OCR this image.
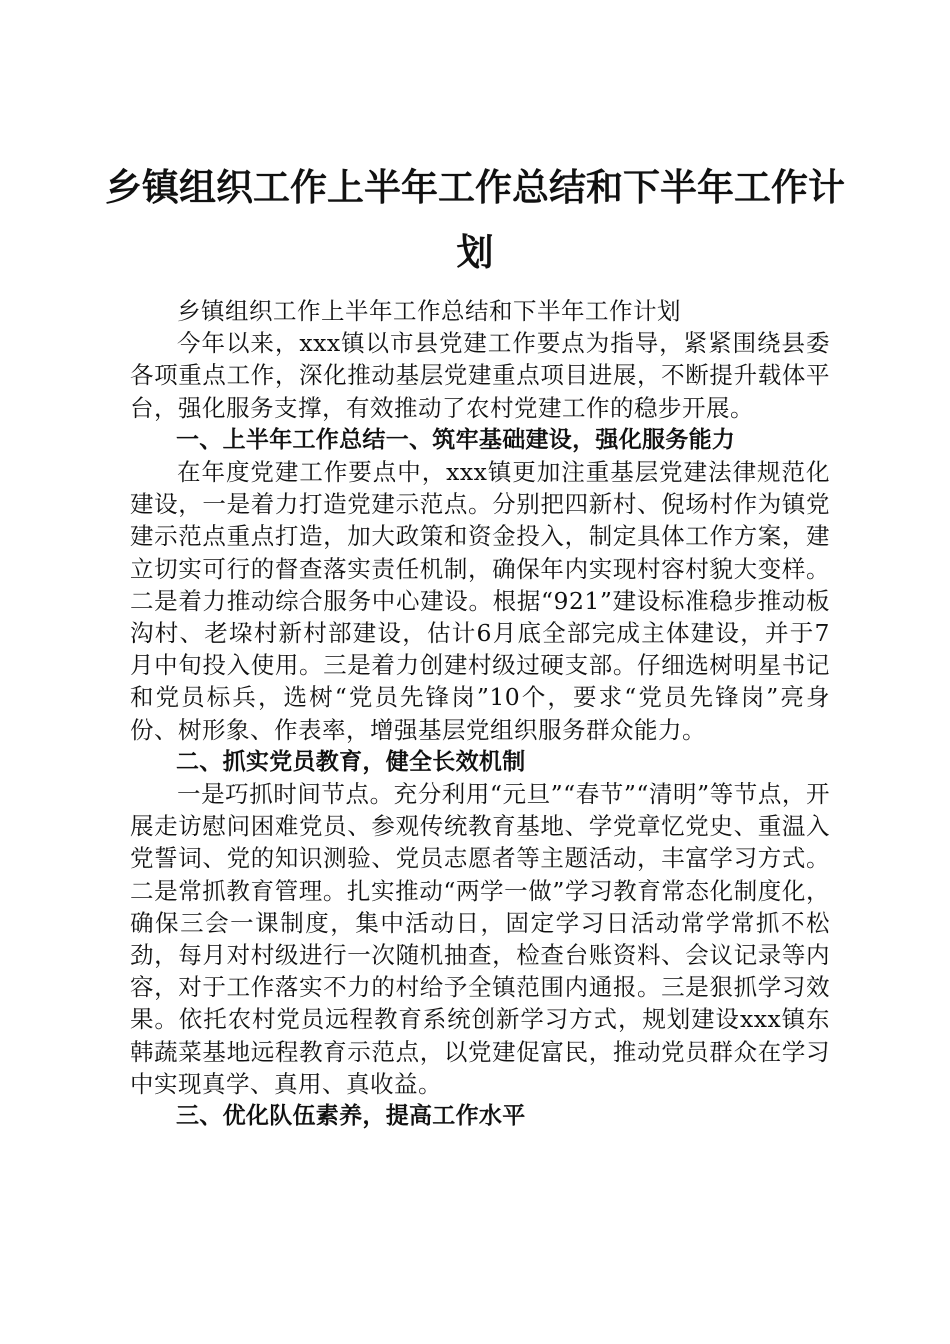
乡镇组织工作上半年工作总结和下半年工作计划

乡镇组织工作上半年工作总结和下半年工作计划

今年以来，xxx镇以市县党建工作要点为指导，紧紧围绕县委各项重点工作，深化推动基层党建重点项目进展，不断提升载体平台，强化服务支撑，有效推动了农村党建工作的稳步开展。

一、上半年工作总结一、筑牢基础建设，强化服务能力

在年度党建工作要点中，xxx镇更加注重基层党建法律规范化建设，一是着力打造党建示范点。分别把四新村、倪场村作为镇党建示范点重点打造，加大政策和资金投入，制定具体工作方案，建立切实可行的督查落实责任机制，确保年内实现村容村貌大变样。二是着力推动综合服务中心建设。根据“921”建设标准稳步推动板沟村、老垜村新村部建设，估计6月底全部完成主体建设，并于7月中旬投入使用。三是着力创建村级过硬支部。仔细选树明星书记和党员标兵，选树“党员先锋岗”10个，要求“党员先锋岗”亮身份、树形象、作表率，增强基层党组织服务群众能力。

二、抓实党员教育，健全长效机制

一是巧抓时间节点。充分利用“元旦”“春节”“清明”等节点，开展走访慰问困难党员、参观传统教育基地、学党章忆党史、重温入党誓词、党的知识测验、党员志愿者等主题活动，丰富学习方式。二是常抓教育管理。扎实推动“两学一做”学习教育常态化制度化，确保三会一课制度，集中活动日，固定学习日活动常学常抓不松劲，每月对村级进行一次随机抽查，检查台账资料、会议记录等内容，对于工作落实不力的村给予全镇范围内通报。三是狠抓学习效果。依托农村党员远程教育系统创新学习方式，规划建设xxx镇东韩蔬菜基地远程教育示范点，以党建促富民，推动党员群众在学习中实现真学、真用、真收益。

三、优化队伍素养，提高工作水平
